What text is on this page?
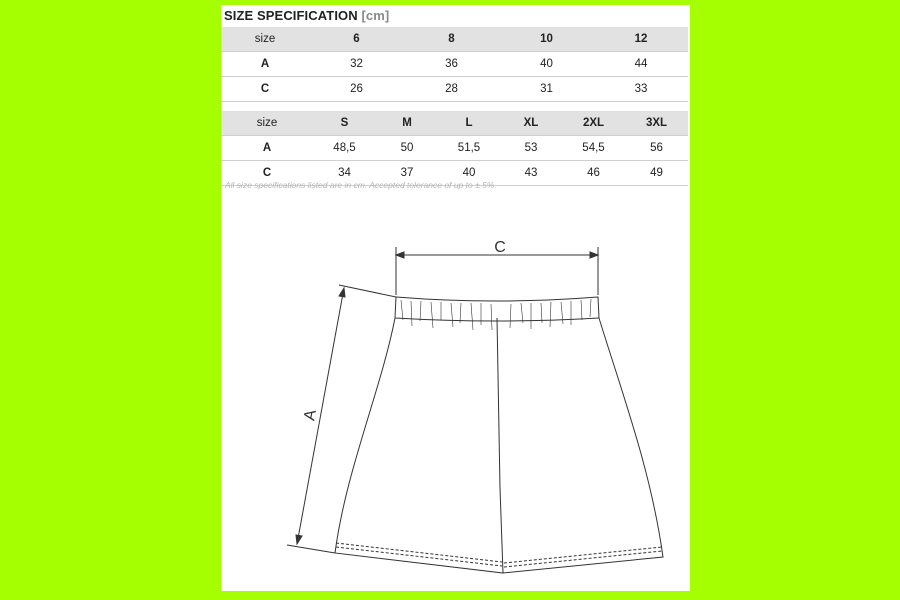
SIZE SPECIFICATION [cm]
size	6	8	10	12
A	32	36	40	44
C	26	28	31	33
size	S	M	L	XL	2XL	3XL
A	48,5	50	51,5	53	54,5	56
C	34	37	40	43	46	49
All size specifications listed are in cm. Accepted tolerance of up to ± 5%.
C
A
